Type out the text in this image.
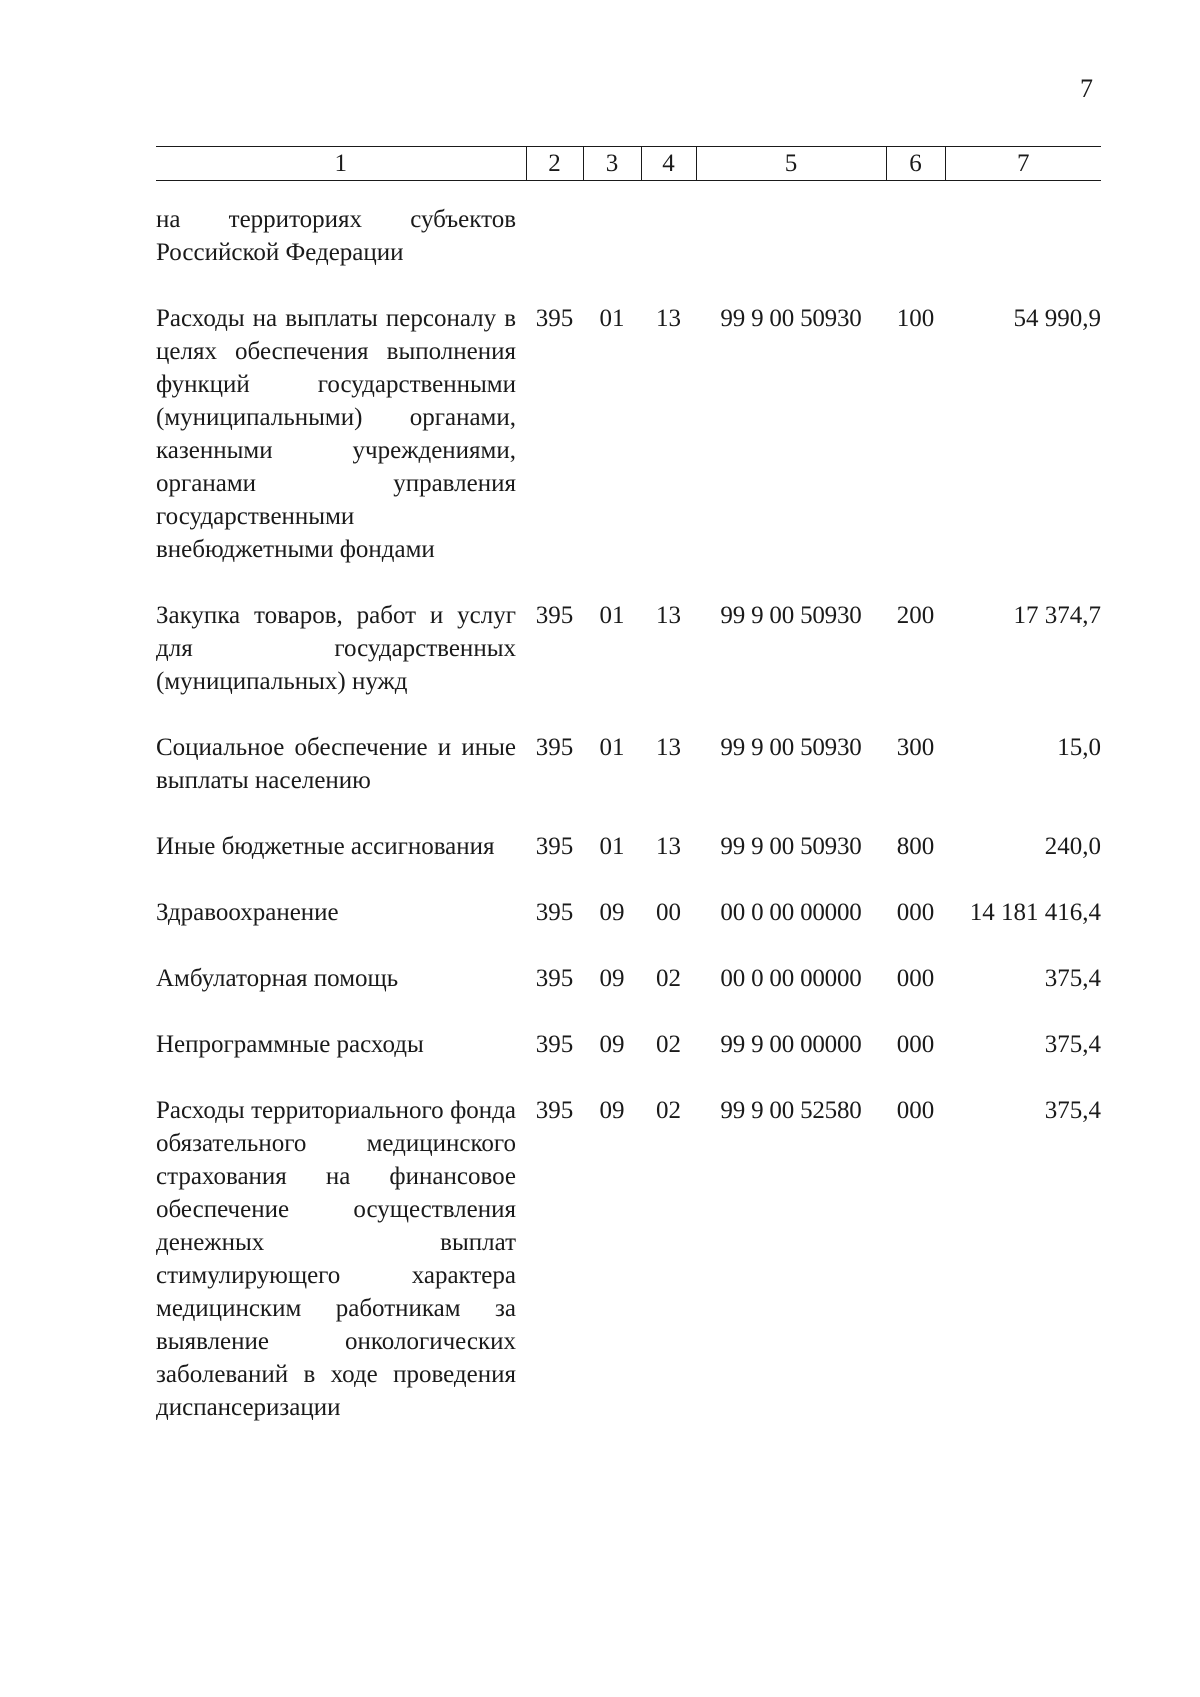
7
1	2	3	4	5	6	7

на территориях субъектов Российской Федерации						
Расходы на выплаты персоналу в целях обеспечения выполнения функций государственными (муниципальными) органами, казенными учреждениями, органами управления государственными внебюджетными фондами	395	01	13	99 9 00 50930	100	54 990,9
Закупка товаров, работ и услуг для государственных (муниципальных) нужд	395	01	13	99 9 00 50930	200	17 374,7
Социальное обеспечение и иные выплаты населению	395	01	13	99 9 00 50930	300	15,0
Иные бюджетные ассигнования	395	01	13	99 9 00 50930	800	240,0
Здравоохранение	395	09	00	00 0 00 00000	000	14 181 416,4
Амбулаторная помощь	395	09	02	00 0 00 00000	000	375,4
Непрограммные расходы	395	09	02	99 9 00 00000	000	375,4
Расходы территориального фонда обязательного медицинского страхования на финансовое обеспечение осуществления денежных выплат стимулирующего характера медицинским работникам за выявление онкологических заболеваний в ходе проведения диспансеризации	395	09	02	99 9 00 52580	000	375,4
